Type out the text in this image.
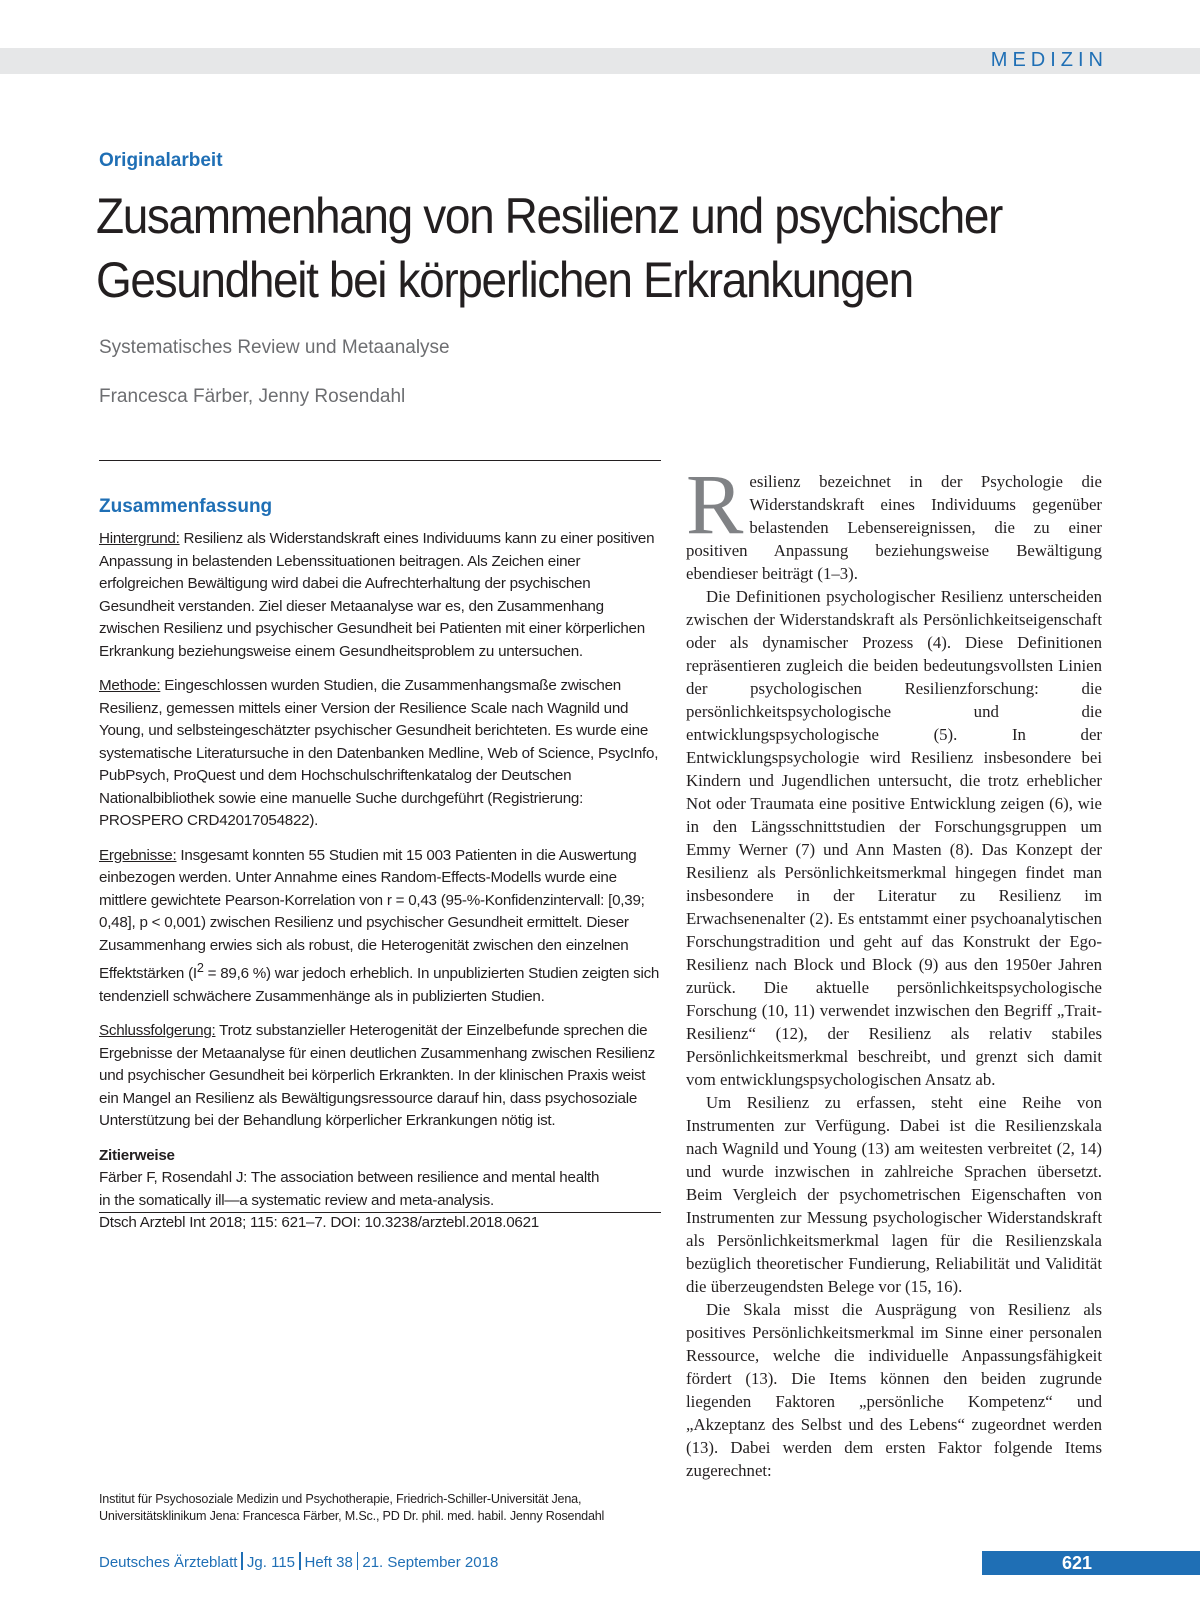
MEDIZIN
Originalarbeit
Zusammenhang von Resilienz und psychischer Gesundheit bei körperlichen Erkrankungen
Systematisches Review und Metaanalyse
Francesca Färber, Jenny Rosendahl
Zusammenfassung

Hintergrund: Resilienz als Widerstandskraft eines Individuums kann zu einer positiven Anpassung in belastenden Lebenssituationen beitragen. Als Zeichen einer erfolgreichen Bewältigung wird dabei die Aufrechterhaltung der psychischen Gesundheit verstanden. Ziel dieser Metaanalyse war es, den Zusammenhang zwischen Resilienz und psychischer Gesundheit bei Patienten mit einer körperlichen Erkrankung beziehungsweise einem Gesundheitsproblem zu untersuchen.

Methode: Eingeschlossen wurden Studien, die Zusammenhangsmaße zwischen Resilienz, gemessen mittels einer Version der Resilience Scale nach Wagnild und Young, und selbsteingeschätzter psychischer Gesundheit berichteten. Es wurde eine systematische Literatursuche in den Datenbanken Medline, Web of Science, PsycInfo, PubPsych, ProQuest und dem Hochschulschriftenkatalog der Deutschen Nationalbibliothek sowie eine manuelle Suche durchgeführt (Registrierung: PROSPERO CRD42017054822).

Ergebnisse: Insgesamt konnten 55 Studien mit 15 003 Patienten in die Auswertung einbezogen werden. Unter Annahme eines Random-Effects-Modells wurde eine mittlere gewichtete Pearson-Korrelation von r = 0,43 (95-%-Konfidenzintervall: [0,39; 0,48], p < 0,001) zwischen Resilienz und psychischer Gesundheit ermittelt. Dieser Zusammenhang erwies sich als robust, die Heterogenität zwischen den einzelnen Effektstärken ($I^2 = 89,6$ %) war jedoch erheblich. In unpublizierten Studien zeigten sich tendenziell schwächere Zusammenhänge als in publizierten Studien.

Schlussfolgerung: Trotz substanzieller Heterogenität der Einzelbefunde sprechen die Ergebnisse der Metaanalyse für einen deutlichen Zusammenhang zwischen Resilienz und psychischer Gesundheit bei körperlich Erkrankten. In der klinischen Praxis weist ein Mangel an Resilienz als Bewältigungsressource darauf hin, dass psychosoziale Unterstützung bei der Behandlung körperlicher Erkrankungen nötig ist.

Zitierweise

Färber F, Rosendahl J: The association between resilience and mental health

in the somatically ill—a systematic review and meta-analysis.

Dtsch Arztebl Int 2018; 115: 621–7. DOI: 10.3238/arztebl.2018.0621

Institut für Psychosoziale Medizin und Psychotherapie, Friedrich-Schiller-Universität Jena, Universitätsklinikum Jena: Francesca Färber, M.Sc., PD Dr. phil. med. habil. Jenny Rosendahl

Resilienz bezeichnet in der Psychologie die Widerstandskraft eines Individuums gegenüber belastenden Lebensereignissen, die zu einer positiven Anpassung beziehungsweise Bewältigung ebendieser beiträgt (1–3).

Die Definitionen psychologischer Resilienz unterscheiden zwischen der Widerstandskraft als Persönlichkeitseigenschaft oder als dynamischer Prozess (4). Diese Definitionen repräsentieren zugleich die beiden bedeutungsvollsten Linien der psychologischen Resilienzforschung: die persönlichkeitspsychologische und die entwicklungspsychologische (5). In der Entwicklungspsychologie wird Resilienz insbesondere bei Kindern und Jugendlichen untersucht, die trotz erheblicher Not oder Traumata eine positive Entwicklung zeigen (6), wie in den Längsschnittstudien der Forschungsgruppen um Emmy Werner (7) und Ann Masten (8). Das Konzept der Resilienz als Persönlichkeitsmerkmal hingegen findet man insbesondere in der Literatur zu Resilienz im Erwachsenenalter (2). Es entstammt einer psychoanalytischen Forschungstradition und geht auf das Konstrukt der Ego-Resilienz nach Block und Block (9) aus den 1950er Jahren zurück. Die aktuelle persönlichkeitspsychologische Forschung (10, 11) verwendet inzwischen den Begriff „Trait-Resilienz“ (12), der Resilienz als relativ stabiles Persönlichkeitsmerkmal beschreibt, und grenzt sich damit vom entwicklungspsychologischen Ansatz ab.

Um Resilienz zu erfassen, steht eine Reihe von Instrumenten zur Verfügung. Dabei ist die Resilienzskala nach Wagnild und Young (13) am weitesten verbreitet (2, 14) und wurde inzwischen in zahlreiche Sprachen übersetzt. Beim Vergleich der psychometrischen Eigenschaften von Instrumenten zur Messung psychologischer Widerstandskraft als Persönlichkeitsmerkmal lagen für die Resilienzskala bezüglich theoretischer Fundierung, Reliabilität und Validität die überzeugendsten Belege vor (15, 16).

Die Skala misst die Ausprägung von Resilienz als positives Persönlichkeitsmerkmal im Sinne einer personalen Ressource, welche die individuelle Anpassungsfähigkeit fördert (13). Die Items können den beiden zugrunde liegenden Faktoren „persönliche Kompetenz“ und „Akzeptanz des Selbst und des Lebens“ zugeordnet werden (13). Dabei werden dem ersten Faktor folgende Items zugerechnet:

Deutsches Ärzteblatt Jg. 115 Heft 38 21. September 2018	621
